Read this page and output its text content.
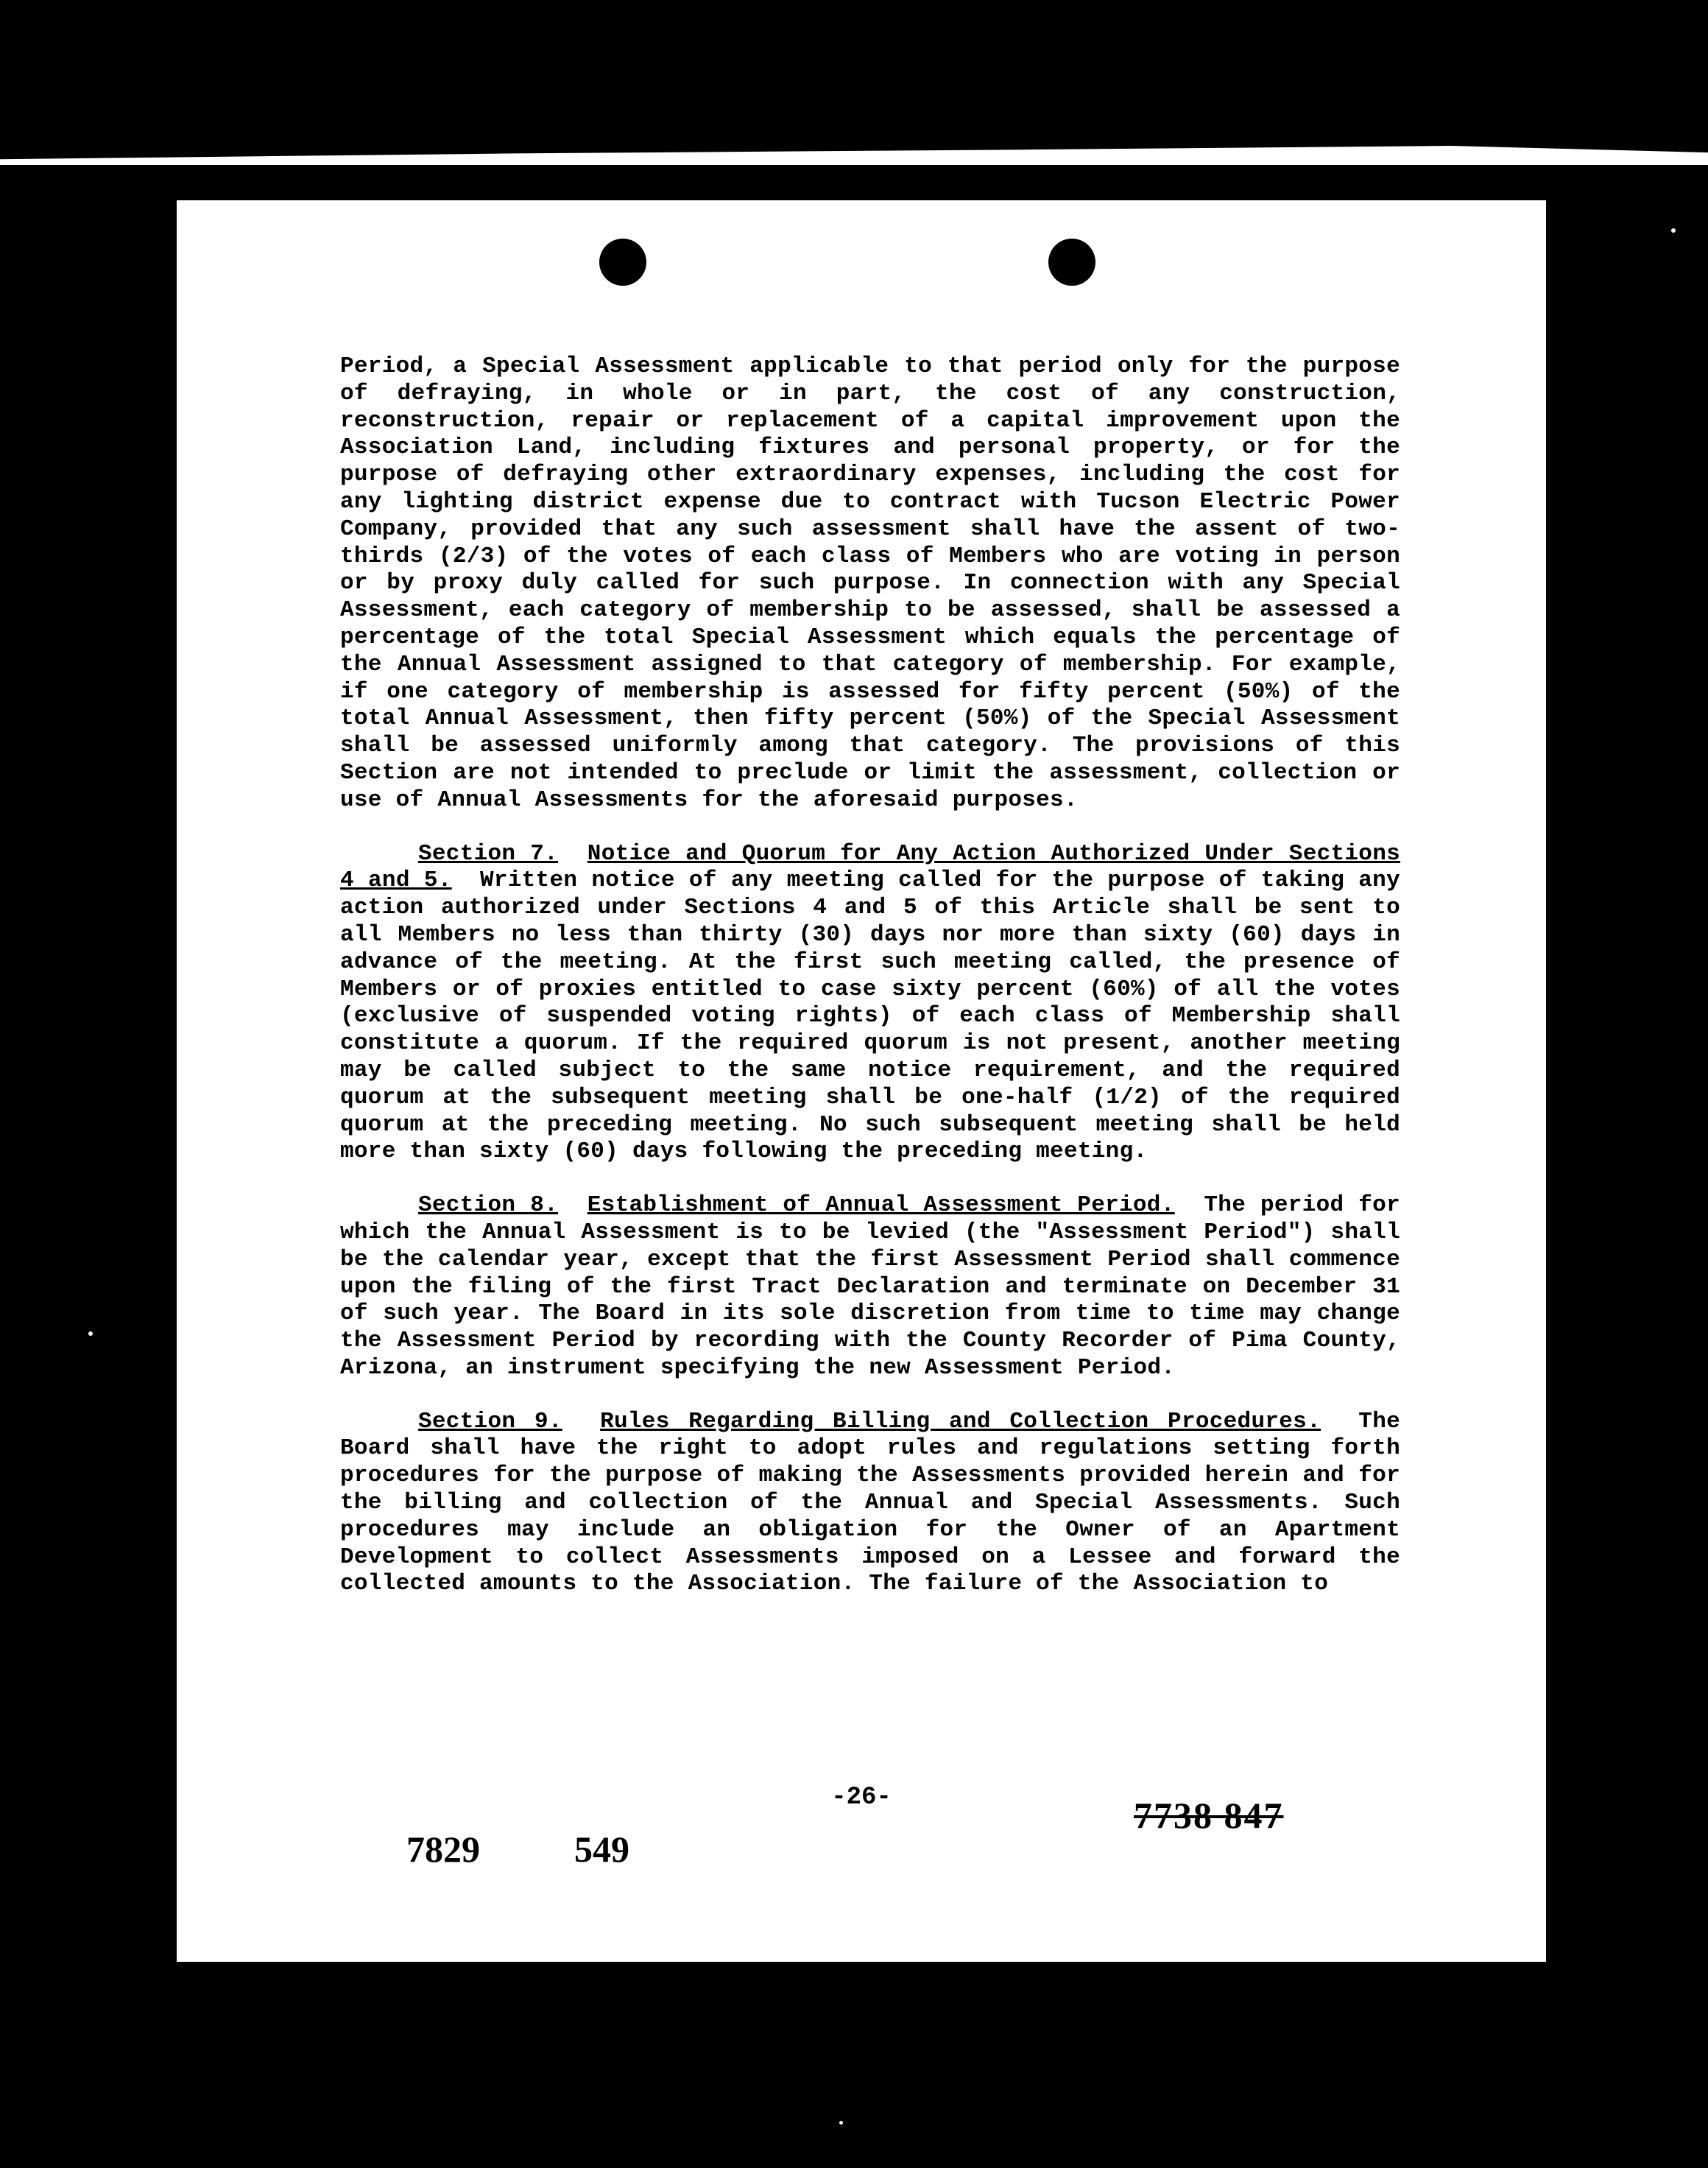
Period, a Special Assessment applicable to that period only for the purpose of defraying, in whole or in part, the cost of any construction, reconstruction, repair or replacement of a capital improvement upon the Association Land, including fixtures and personal property, or for the purpose of defraying other extraordinary expenses, including the cost for any lighting district expense due to contract with Tucson Electric Power Company, provided that any such assessment shall have the assent of two-thirds (2/3) of the votes of each class of Members who are voting in person or by proxy duly called for such purpose. In connection with any Special Assessment, each category of membership to be assessed, shall be assessed a percentage of the total Special Assessment which equals the percentage of the Annual Assessment assigned to that category of membership. For example, if one category of membership is assessed for fifty percent (50%) of the total Annual Assessment, then fifty percent (50%) of the Special Assessment shall be assessed uniformly among that category. The provisions of this Section are not intended to preclude or limit the assessment, collection or use of Annual Assessments for the aforesaid purposes.

Section 7. Notice and Quorum for Any Action Authorized Under Sections 4 and 5. Written notice of any meeting called for the purpose of taking any action authorized under Sections 4 and 5 of this Article shall be sent to all Members no less than thirty (30) days nor more than sixty (60) days in advance of the meeting. At the first such meeting called, the presence of Members or of proxies entitled to case sixty percent (60%) of all the votes (exclusive of suspended voting rights) of each class of Membership shall constitute a quorum. If the required quorum is not present, another meeting may be called subject to the same notice requirement, and the required quorum at the subsequent meeting shall be one-half (1/2) of the required quorum at the preceding meeting. No such subsequent meeting shall be held more than sixty (60) days following the preceding meeting.

Section 8. Establishment of Annual Assessment Period. The period for which the Annual Assessment is to be levied (the "Assessment Period") shall be the calendar year, except that the first Assessment Period shall commence upon the filing of the first Tract Declaration and terminate on December 31 of such year. The Board in its sole discretion from time to time may change the Assessment Period by recording with the County Recorder of Pima County, Arizona, an instrument specifying the new Assessment Period.

Section 9. Rules Regarding Billing and Collection Procedures. The Board shall have the right to adopt rules and regulations setting forth procedures for the purpose of making the Assessments provided herein and for the billing and collection of the Annual and Special Assessments. Such procedures may include an obligation for the Owner of an Apartment Development to collect Assessments imposed on a Lessee and forward the collected amounts to the Association. The failure of the Association to

-26-
7829	549
7738 847
